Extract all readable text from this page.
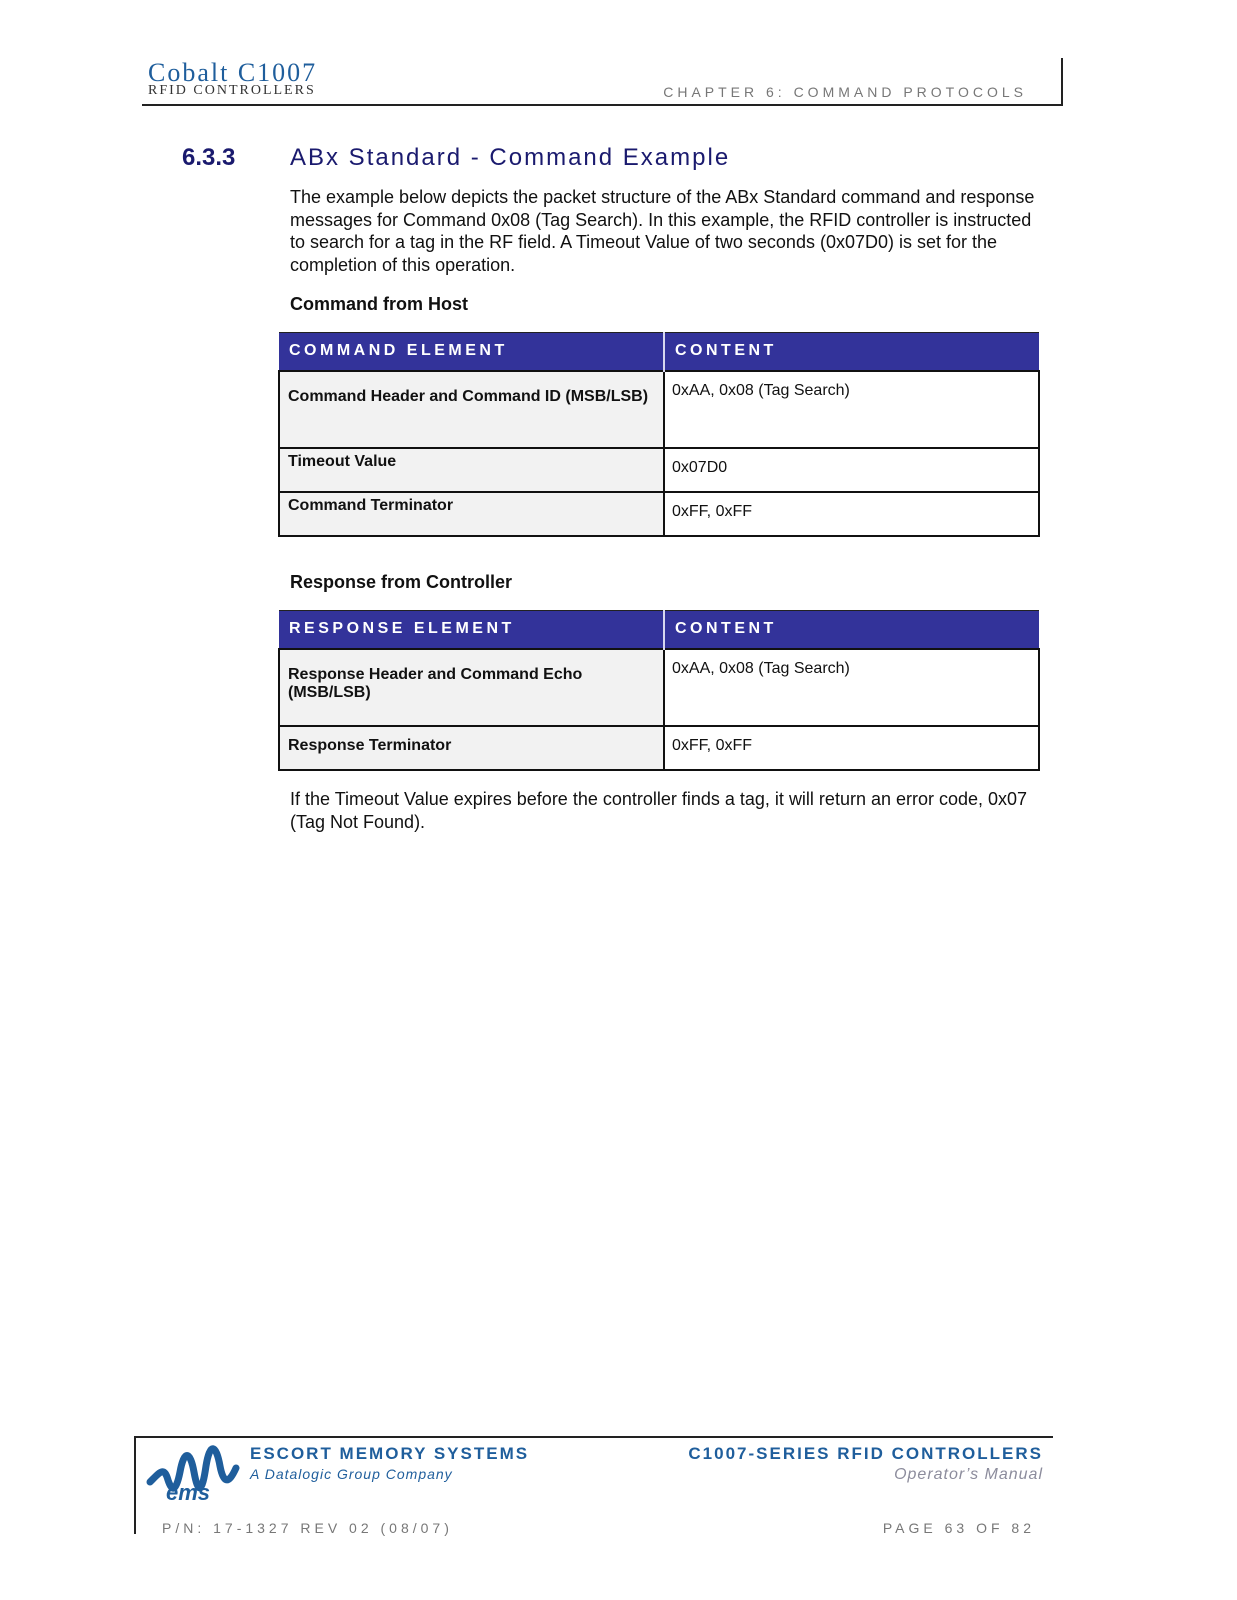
Cobalt C1007
RFID CONTROLLERS	CHAPTER 6: COMMAND PROTOCOLS
6.3.3 ABx Standard - Command Example
The example below depicts the packet structure of the ABx Standard command and response messages for Command 0x08 (Tag Search). In this example, the RFID controller is instructed to search for a tag in the RF field. A Timeout Value of two seconds (0x07D0) is set for the completion of this operation.
Command from Host
COMMAND ELEMENT	CONTENT
Command Header and Command ID (MSB/LSB)	0xAA, 0x08 (Tag Search)
Timeout Value	0x07D0
Command Terminator	0xFF, 0xFF
Response from Controller
RESPONSE ELEMENT	CONTENT
Response Header and Command Echo (MSB/LSB)	0xAA, 0x08 (Tag Search)
Response Terminator	0xFF, 0xFF
If the Timeout Value expires before the controller finds a tag, it will return an error code, 0x07 (Tag Not Found).
ems
ESCORT MEMORY SYSTEMS
A Datalogic Group Company
C1007-SERIES RFID CONTROLLERS
Operator’s Manual
P/N: 17-1327 REV 02 (08/07)	PAGE 63 OF 82
